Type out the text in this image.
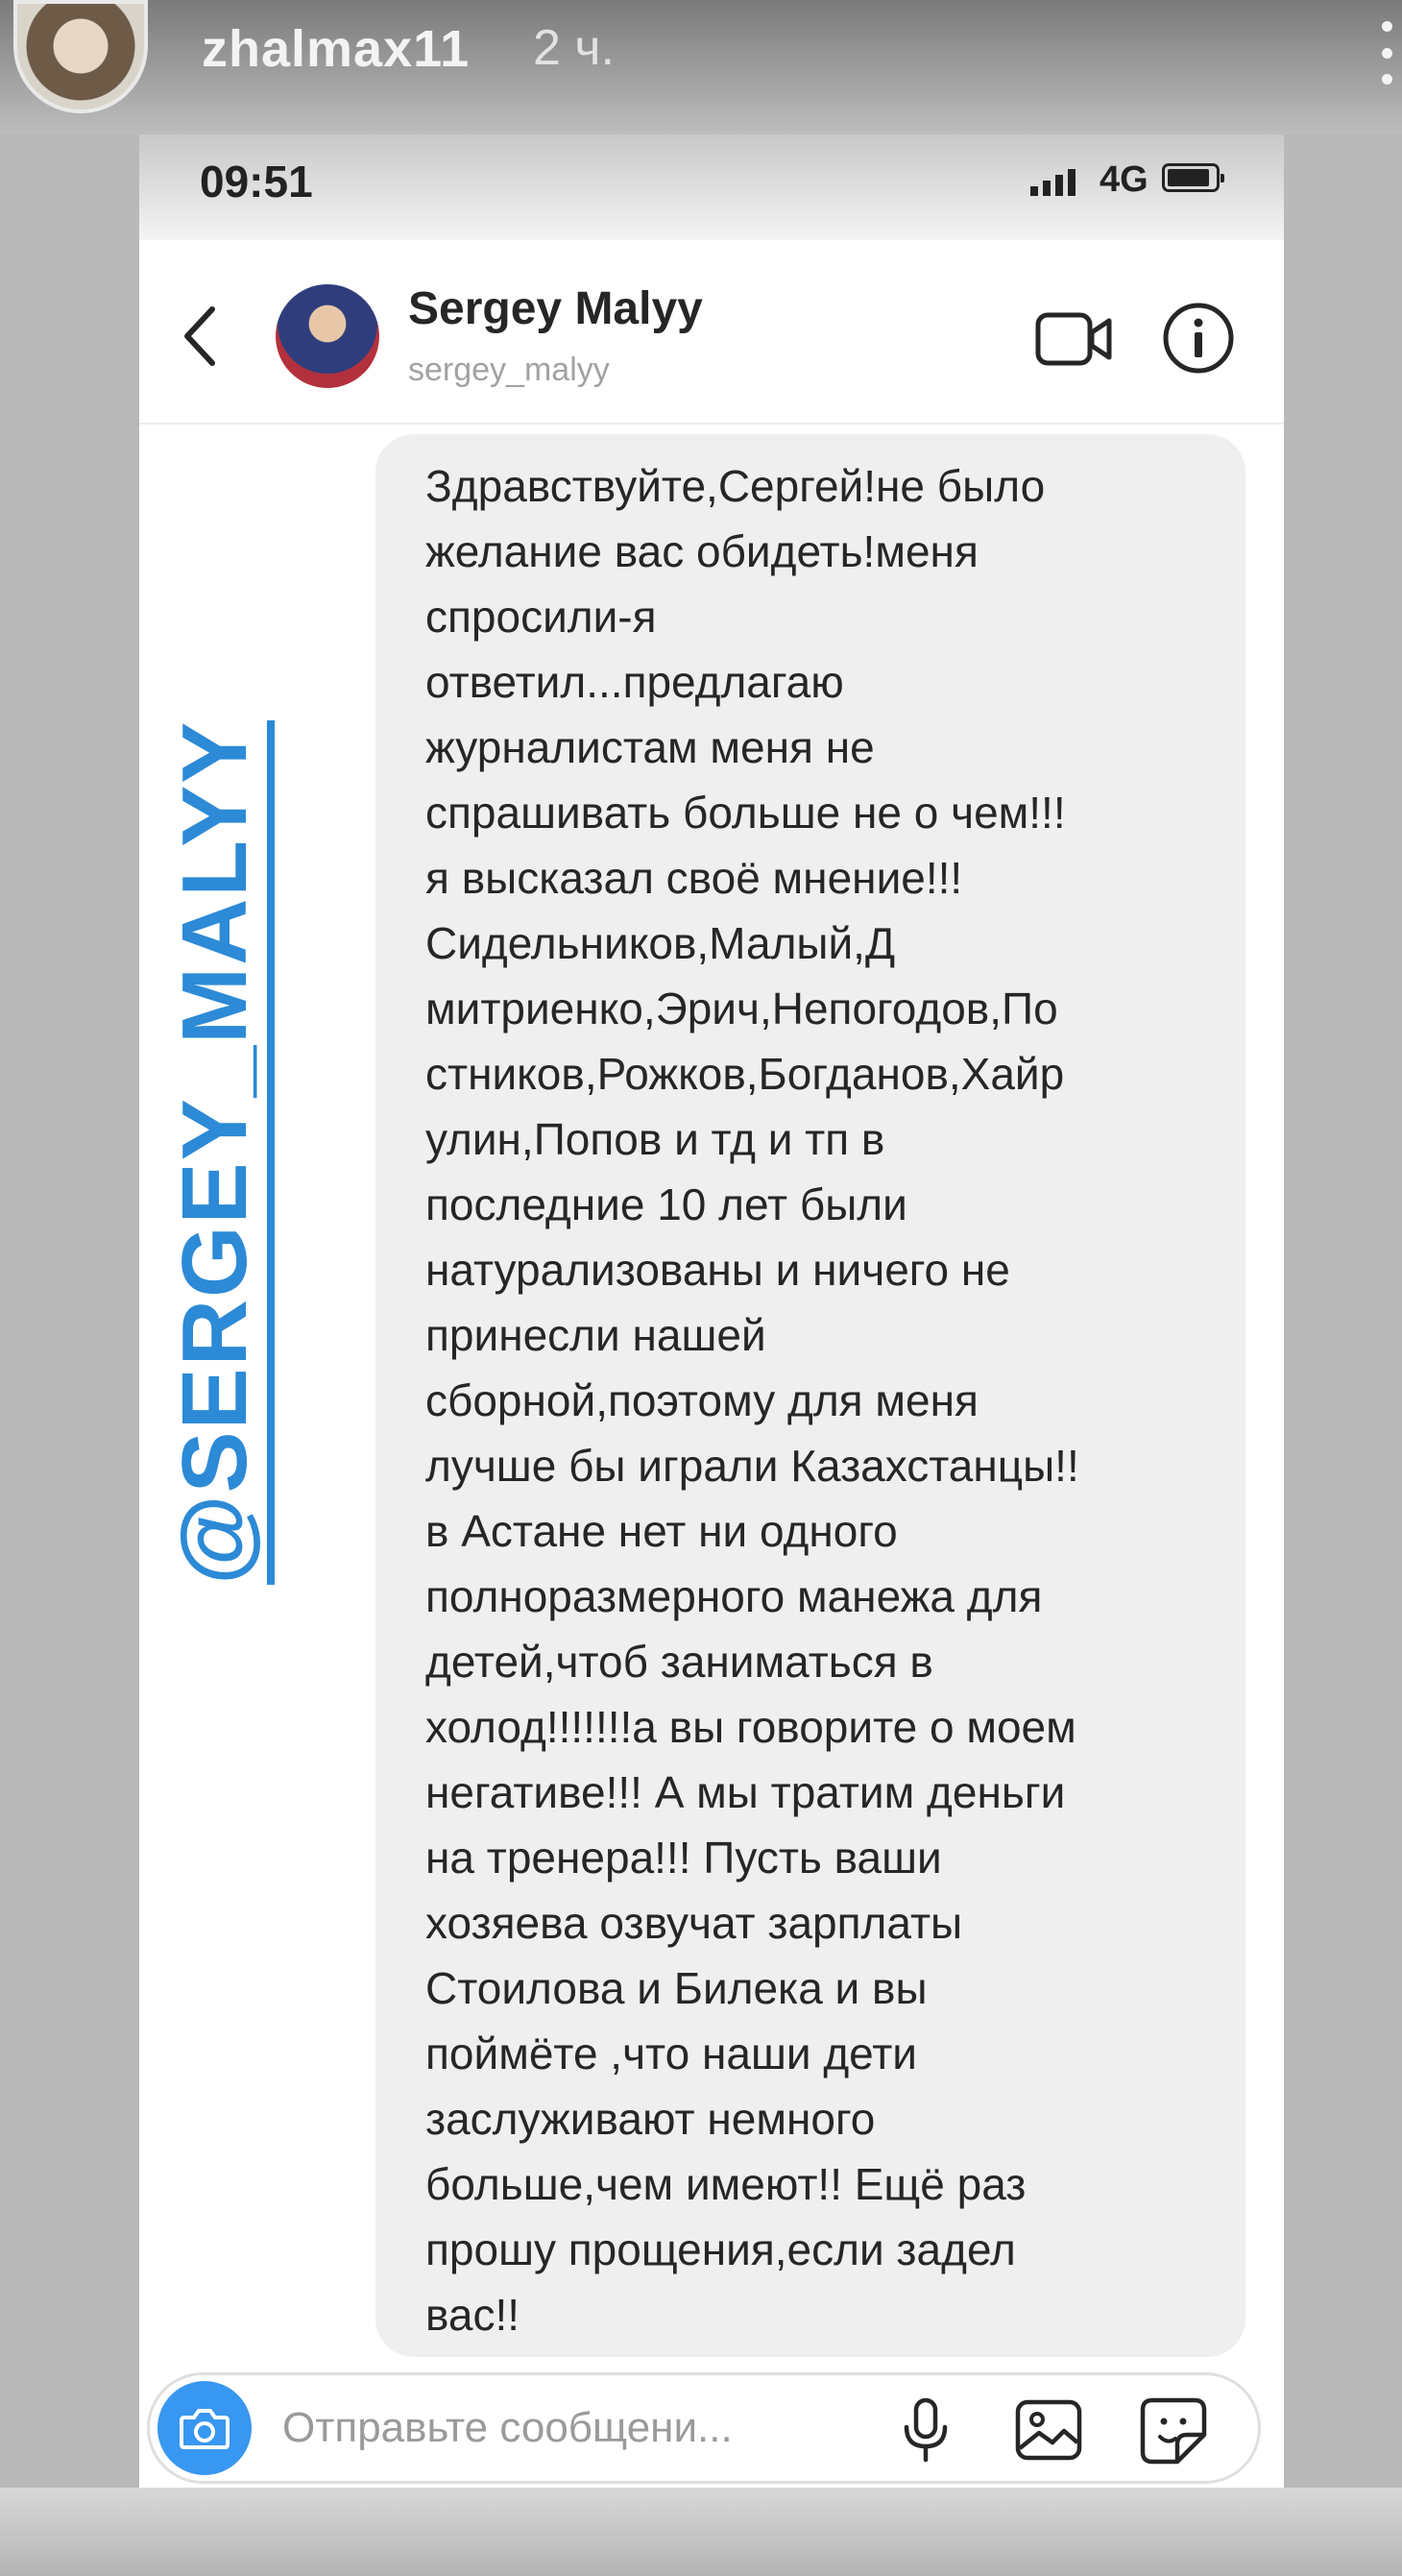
zhalmax11 2 ч.
09:51	4G
Sergey Malyy
sergey_malyy

Здравствуйте,Сергей!не было
желание вас обидеть!меня
спросили-я
ответил...предлагаю
журналистам меня не
спрашивать больше не о чем!!!
я высказал своё мнение!!!
Сидельников,Малый,Д
митриенко,Эрич,Непогодов,По
стников,Рожков,Богданов,Хайр
улин,Попов и тд и тп в
последние 10 лет были
натурализованы и ничего не
принесли нашей
сборной,поэтому для меня
лучше бы играли Казахстанцы!!
в Астане нет ни одного
полноразмерного манежа для
детей,чтоб заниматься в
холод!!!!!!!а вы говорите о моем
негативе!!! А мы тратим деньги
на тренера!!! Пусть ваши
хозяева озвучат зарплаты
Стоилова и Билека и вы
поймёте ,что наши дети
заслуживают немного
больше,чем имеют!! Ещё раз
прошу прощения,если задел
вас!!

Отправьте сообщени...
@SERGEY_MALYY
